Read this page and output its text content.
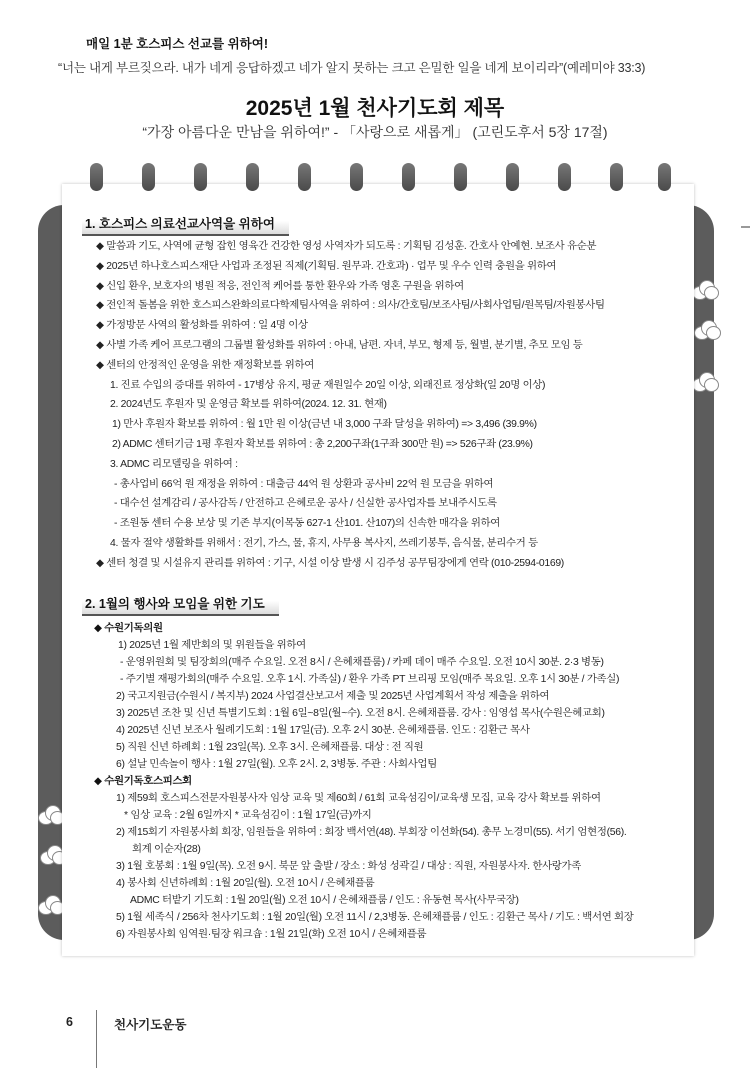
매일 1분 호스피스 선교를 위하여!
“너는 내게 부르짖으라. 내가 네게 응답하겠고 네가 알지 못하는 크고 은밀한 일을 네게 보이리라”(예레미야 33:3)
2025년 1월 천사기도회 제목
“가장 아름다운 만남을 위하여!” - 「사랑으로 새롭게」 (고린도후서 5장 17절)
1. 호스피스 의료선교사역을 위하여
◆ 말씀과 기도, 사역에 균형 잡힌 영육간 건강한 영성 사역자가 되도록 : 기획팀 김성훈. 간호사 안예현. 보조사 유순분
◆ 2025년 하나호스피스재단 사업과 조정된 직제(기획팀. 원무과. 간호과) · 업무 및 우수 인력 충원을 위하여
◆ 신입 환우, 보호자의 병원 적응, 전인적 케어를 통한 환우와 가족 영혼 구원을 위하여
◆ 전인적 돌봄을 위한 호스피스완화의료다학제팀사역을 위하여 : 의사/간호팀/보조사팀/사회사업팀/원목팀/자원봉사팀
◆ 가정방문 사역의 활성화를 위하여 : 일 4명 이상
◆ 사별 가족 케어 프로그램의 그룹별 활성화를 위하여 : 아내, 남편. 자녀, 부모, 형제 등, 월별, 분기별, 추모 모임 등
◆ 센터의 안정적인 운영을 위한 재정확보를 위하여
1. 진료 수입의 증대를 위하여 - 17병상 유지, 평균 재원일수 20일 이상, 외래진료 정상화(일 20명 이상)
2. 2024년도 후원자 및 운영금 확보를 위하여(2024. 12. 31. 현재)
1) 만사 후원자 확보를 위하여 : 월 1만 원 이상(금년 내 3,000 구좌 달성을 위하여) => 3,496 (39.9%)
2) ADMC 센터기금 1평 후원자 확보를 위하여 : 총 2,200구좌(1구좌 300만 원) => 526구좌 (23.9%)
3. ADMC 리모델링을 위하여 :
- 총사업비 66억 원 재정을 위하여 : 대출금 44억 원 상환과 공사비 22억 원 모금을 위하여
- 대수선 설계감리 / 공사감독 / 안전하고 은혜로운 공사 / 신실한 공사업자를 보내주시도록
- 조원동 센터 수용 보상 및 기존 부지(이목동 627-1 산101. 산107)의 신속한 매각을 위하여
4. 물자 절약 생활화를 위해서 : 전기, 가스, 물, 휴지, 사무용 복사지, 쓰레기봉투, 음식물, 분리수거 등
◆ 센터 청결 및 시설유지 관리를 위하여 : 기구, 시설 이상 발생 시 김주성 공무팀장에게 연락 (010-2594-0169)
2. 1월의 행사와 모임을 위한 기도
◆ 수원기독의원
1) 2025년 1월 제반회의 및 위원들을 위하여
- 운영위원회 및 팀장회의(매주 수요일. 오전 8시 / 은혜채플룸) / 카페 데이 매주 수요일. 오전 10시 30분. 2·3 병동)
- 주기별 재평가회의(매주 수요일. 오후 1시. 가족실) / 환우 가족 PT 브리핑 모임(매주 목요일. 오후 1시 30분 / 가족실)
2) 국고지원금(수원시 / 복지부) 2024 사업결산보고서 제출 및 2025년 사업계획서 작성 제출을 위하여
3) 2025년 조찬 및 신년 특별기도회 : 1월 6일~8일(월~수). 오전 8시. 은혜채플룸. 강사 : 임영섭 목사(수원은혜교회)
4) 2025년 신년 보조사 월례기도회 : 1월 17일(금). 오후 2시 30분. 은혜채플룸. 인도 : 김환근 목사
5) 직원 신년 하례회 : 1월 23일(목). 오후 3시. 은혜채플룸. 대상 : 전 직원
6) 설날 민속놀이 행사 : 1월 27일(월). 오후 2시. 2, 3병동. 주관 : 사회사업팀
◆ 수원기독호스피스회
1) 제59회 호스피스전문자원봉사자 임상 교육 및 제60회 / 61회 교육섬김이/교육생 모집, 교육 강사 확보를 위하여
* 임상 교육 : 2월 6일까지 * 교육섬김이 : 1월 17일(금)까지
2) 제15회기 자원봉사회 회장, 임원들을 위하여 : 회장 백서연(48). 부회장 이선화(54). 총무 노경미(55). 서기 엄현정(56).
회계 이순자(28)
3) 1월 호봉회 : 1월 9일(목). 오전 9시. 북문 앞 출발 / 장소 : 화성 성곽길 / 대상 : 직원, 자원봉사자. 한사랑가족
4) 봉사회 신년하례회 : 1월 20일(월). 오전 10시 / 은혜채플룸
ADMC 터밭기 기도회 : 1월 20일(월) 오전 10시 / 은혜채플룸 / 인도 : 유동현 목사(사무국장)
5) 1월 세족식 / 256차 천사기도회 : 1월 20일(월) 오전 11시 / 2,3병동. 은혜채플룸 / 인도 : 김환근 목사 / 기도 : 백서연 회장
6) 자원봉사회 임역원·팀장 워크숍 : 1월 21일(화) 오전 10시 / 은혜채플룸
6	천사기도운동
